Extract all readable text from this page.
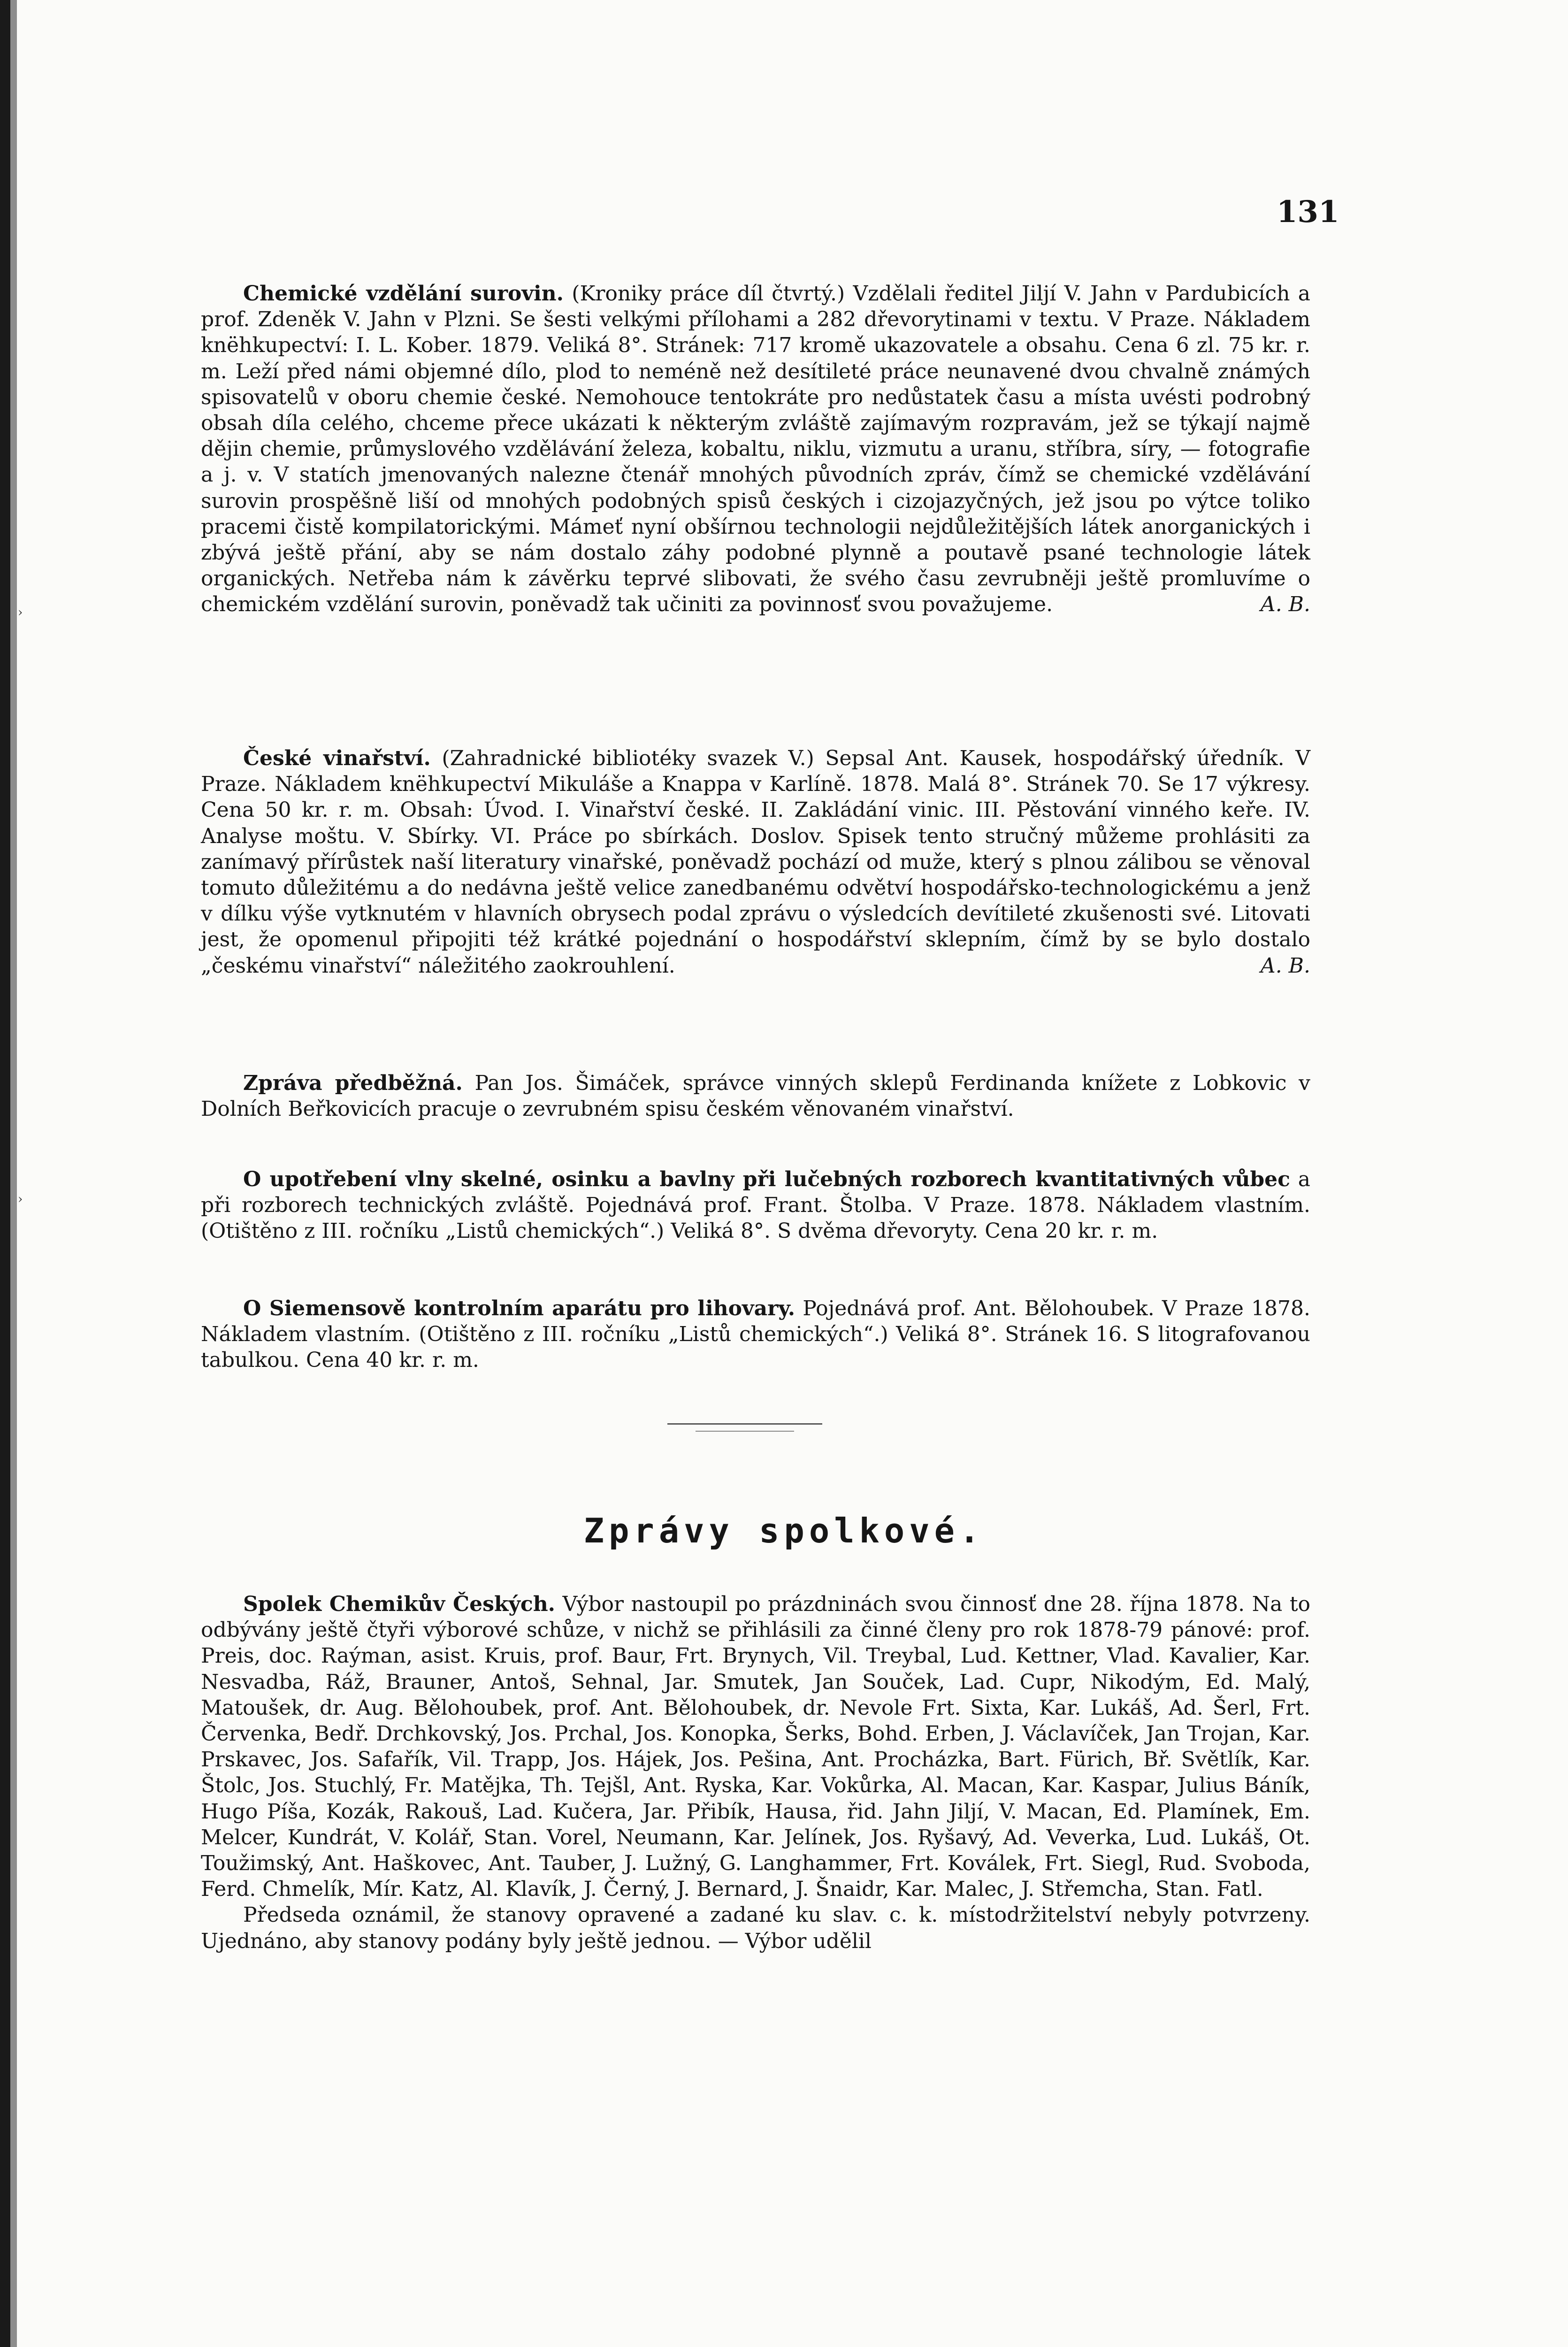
›
›
131

Chemické vzdělání surovin. (Kroniky práce díl čtvrtý.) Vzdělali ředitel Jiljí V. Jahn v Pardubicích a prof. Zdeněk V. Jahn v Plzni. Se šesti velkými přílohami a 282 dřevorytinami v textu. V Praze. Nákladem knëhkupectví: I. L. Kober. 1879. Veliká 8°. Stránek: 717 kromě ukazovatele a obsahu. Cena 6 zl. 75 kr. r. m. Leží před námi objemné dílo, plod to neméně než desítileté práce neunavené dvou chvalně známých spisovatelů v oboru chemie české. Nemohouce tentokráte pro nedůstatek času a místa uvésti podrobný obsah díla celého, chceme přece ukázati k některým zvláště zajímavým rozpravám, jež se týkají najmě dějin chemie, průmyslového vzdělávání železa, kobaltu, niklu, vizmutu a uranu, stříbra, síry, — fotografie a j. v. V statích jmenovaných nalezne čtenář mnohých původních zpráv, čímž se chemické vzdělávání surovin prospěšně liší od mnohých podobných spisů českých i cizojazyčných, jež jsou po výtce toliko pracemi čistě kompilatorickými. Mámeť nyní obšírnou technologii nejdůležitějších látek anorganických i zbývá ještě přání, aby se nám dostalo záhy podobné plynně a poutavě psané technologie látek organických. Netřeba nám k závěrku teprvé slibovati, že svého času zevrubněji ještě promluvíme o chemickém vzdělání surovin, poněvadž tak učiniti za povinnosť svou považujeme.	A. B.

České vinařství. (Zahradnické bibliotéky svazek V.) Sepsal Ant. Kausek, hospodářský úředník. V Praze. Nákladem knëhkupectví Mikuláše a Knappa v Karlíně. 1878. Malá 8°. Stránek 70. Se 17 výkresy. Cena 50 kr. r. m. Obsah: Úvod. I. Vinařství české. II. Zakládání vinic. III. Pěstování vinného keře. IV. Analyse moštu. V. Sbírky. VI. Práce po sbírkách. Doslov. Spisek tento stručný můžeme prohlásiti za zanímavý přírůstek naší literatury vinařské, poněvadž pochází od muže, který s plnou zálibou se věnoval tomuto důležitému a do nedávna ještě velice zanedbanému odvětví hospodářsko-technologickému a jenž v dílku výše vytknutém v hlavních obrysech podal zprávu o výsledcích devítileté zkušenosti své. Litovati jest, že opomenul připojiti též krátké pojednání o hospodářství sklepním, čímž by se bylo dostalo „českému vinařství“ náležitého zaokrouhlení.	A. B.

Zpráva předběžná. Pan Jos. Šimáček, správce vinných sklepů Ferdinanda knížete z Lobkovic v Dolních Beřkovicích pracuje o zevrubném spisu českém věnovaném vinařství.

O upotřebení vlny skelné, osinku a bavlny při lučebných rozborech kvantitativných vůbec a při rozborech technických zvláště. Pojednává prof. Frant. Štolba. V Praze. 1878. Nákladem vlastním. (Otištěno z III. ročníku „Listů chemických“.) Veliká 8°. S dvěma dřevoryty. Cena 20 kr. r. m.

O Siemensově kontrolním aparátu pro lihovary. Pojednává prof. Ant. Bělohoubek. V Praze 1878. Nákladem vlastním. (Otištěno z III. ročníku „Listů chemických“.) Veliká 8°. Stránek 16. S litografovanou tabulkou. Cena 40 kr. r. m.

Zprávy spolkové.

Spolek Chemikův Českých. Výbor nastoupil po prázdninách svou činnosť dne 28. října 1878. Na to odbývány ještě čtyři výborové schůze, v nichž se přihlásili za činné členy pro rok 1878-79 pánové: prof. Preis, doc. Raýman, asist. Kruis, prof. Baur, Frt. Brynych, Vil. Treybal, Lud. Kettner, Vlad. Kavalier, Kar. Nesvadba, Ráž, Brauner, Antoš, Sehnal, Jar. Smutek, Jan Souček, Lad. Cupr, Nikodým, Ed. Malý, Matoušek, dr. Aug. Bělohoubek, prof. Ant. Bělohoubek, dr. Nevole Frt. Sixta, Kar. Lukáš, Ad. Šerl, Frt. Červenka, Bedř. Drchkovský, Jos. Prchal, Jos. Konopka, Šerks, Bohd. Erben, J. Václavíček, Jan Trojan, Kar. Prskavec, Jos. Safařík, Vil. Trapp, Jos. Hájek, Jos. Pešina, Ant. Procházka, Bart. Fürich, Bř. Světlík, Kar. Štolc, Jos. Stuchlý, Fr. Matějka, Th. Tejšl, Ant. Ryska, Kar. Vokůrka, Al. Macan, Kar. Kaspar, Julius Báník, Hugo Píša, Kozák, Rakouš, Lad. Kučera, Jar. Přibík, Hausa, řid. Jahn Jiljí, V. Macan, Ed. Plamínek, Em. Melcer, Kundrát, V. Kolář, Stan. Vorel, Neumann, Kar. Jelínek, Jos. Ryšavý, Ad. Veverka, Lud. Lukáš, Ot. Toužimský, Ant. Haškovec, Ant. Tauber, J. Lužný, G. Langhammer, Frt. Koválek, Frt. Siegl, Rud. Svoboda, Ferd. Chmelík, Mír. Katz, Al. Klavík, J. Černý, J. Bernard, J. Šnaidr, Kar. Malec, J. Střemcha, Stan. Fatl.

Předseda oznámil, že stanovy opravené a zadané ku slav. c. k. místodržitelství nebyly potvrzeny. Ujednáno, aby stanovy podány byly ještě jednou. — Výbor udělil
